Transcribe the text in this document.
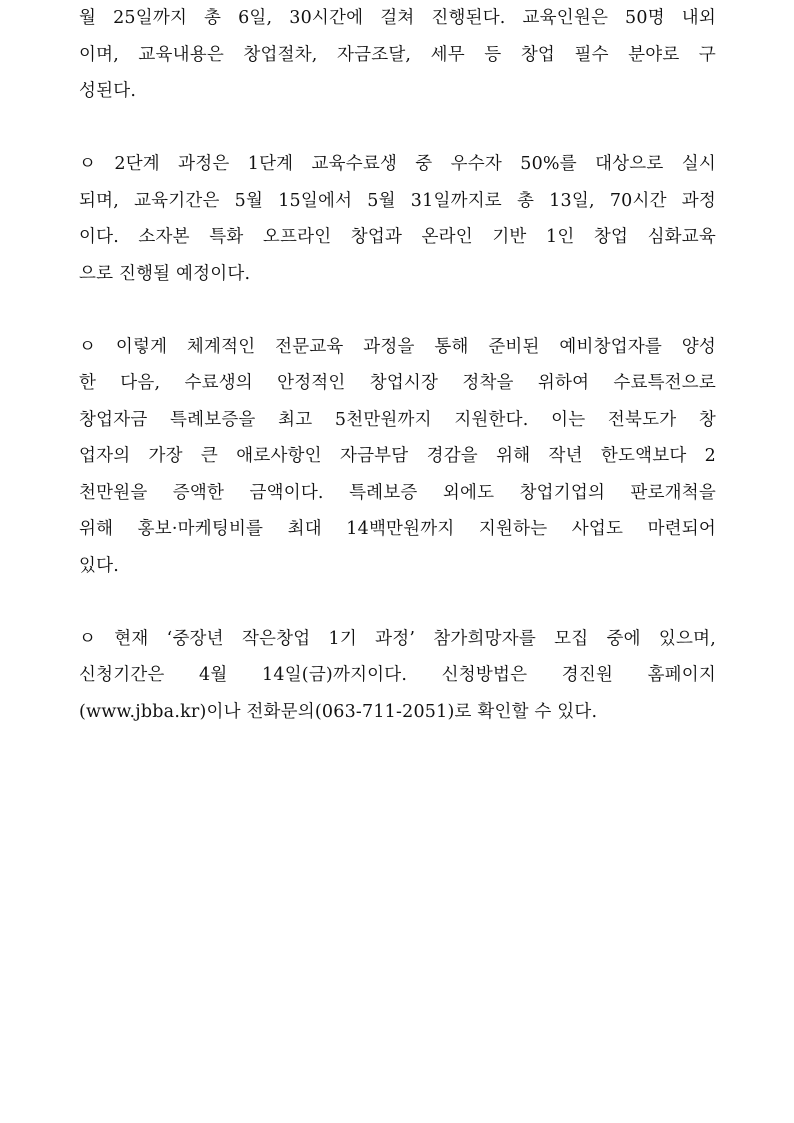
월 25일까지 총 6일, 30시간에 걸쳐 진행된다. 교육인원은 50명 내외
이며, 교육내용은 창업절차, 자금조달, 세무 등 창업 필수 분야로 구
성된다.
ㅇ 2단계 과정은 1단계 교육수료생 중 우수자 50%를 대상으로 실시
되며, 교육기간은 5월 15일에서 5월 31일까지로 총 13일, 70시간 과정
이다. 소자본 특화 오프라인 창업과 온라인 기반 1인 창업 심화교육
으로 진행될 예정이다.
ㅇ 이렇게 체계적인 전문교육 과정을 통해 준비된 예비창업자를 양성
한 다음, 수료생의 안정적인 창업시장 정착을 위하여 수료특전으로
창업자금 특례보증을 최고 5천만원까지 지원한다. 이는 전북도가 창
업자의 가장 큰 애로사항인 자금부담 경감을 위해 작년 한도액보다 2
천만원을 증액한 금액이다. 특례보증 외에도 창업기업의 판로개척을
위해 홍보·마케팅비를 최대 14백만원까지 지원하는 사업도 마련되어
있다.
ㅇ 현재 ‘중장년 작은창업 1기 과정’ 참가희망자를 모집 중에 있으며,
신청기간은 4월 14일(금)까지이다. 신청방법은 경진원 홈페이지
(www.jbba.kr)이나 전화문의(063-711-2051)로 확인할 수 있다.
